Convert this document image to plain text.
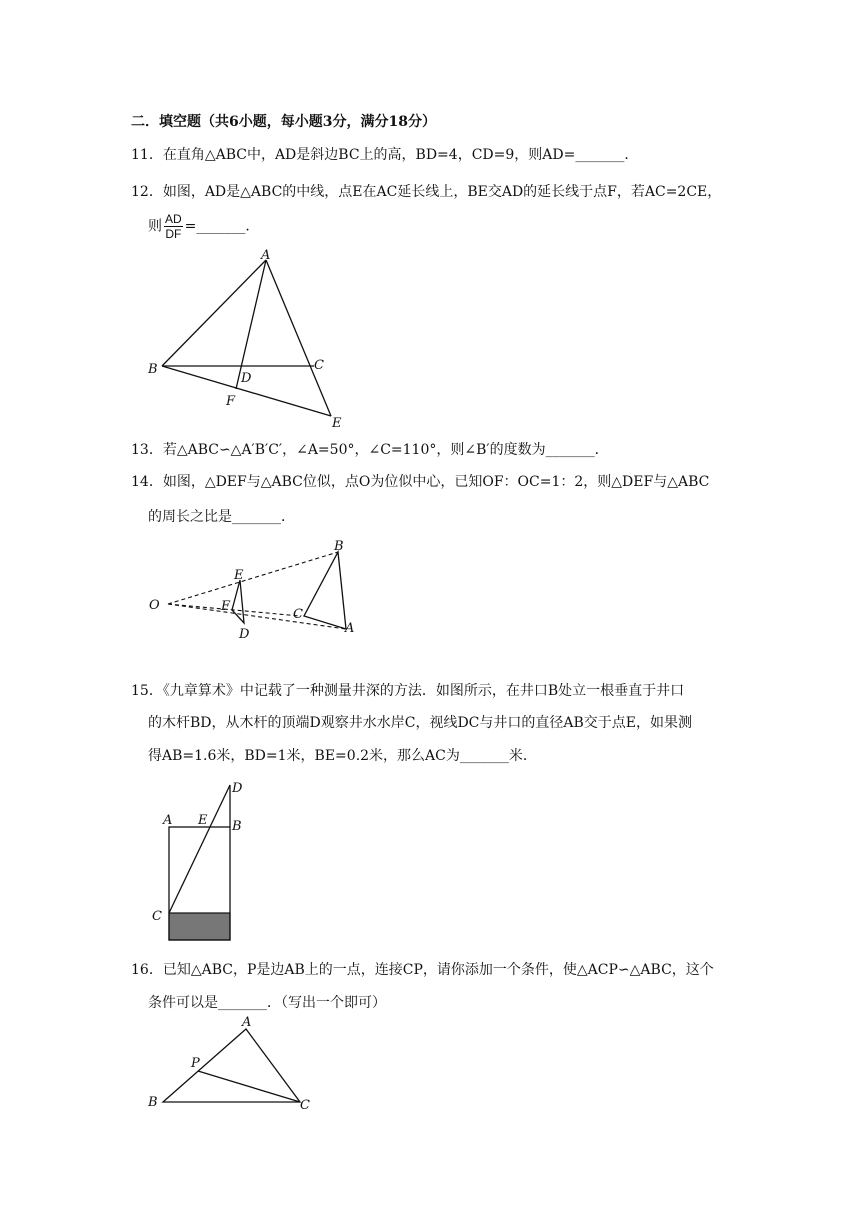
二．填空题（共6小题，每小题3分，满分18分）
11．在直角△ABC中，AD是斜边BC上的高，BD=4，CD=9，则AD=_______．
12．如图，AD是△ABC的中线，点E在AC延长线上，BE交AD的延长线于点F，若AC=2CE，
则 $\frac{AD}{DF}$ =_______．
A
B	C
D
E
F
13．若△ABC∽△A′B′C′，∠A=50°，∠C=110°，则∠B′的度数为_______．
14．如图，△DEF与△ABC位似，点O为位似中心，已知OF：OC=1：2，则△DEF与△ABC
的周长之比是_______．
O
E
F
D
B
C
A
15．《九章算术》中记载了一种测量井深的方法．如图所示，在井口B处立一根垂直于井口
的木杆BD，从木杆的顶端D观察井水水岸C，视线DC与井口的直径AB交于点E，如果测
得AB=1.6米，BD=1米，BE=0.2米，那么AC为_______米．
D
A E B
C
16．已知△ABC，P是边AB上的一点，连接CP，请你添加一个条件，使△ACP∽△ABC，这个
条件可以是_______．（写出一个即可）
A
P
B	C
